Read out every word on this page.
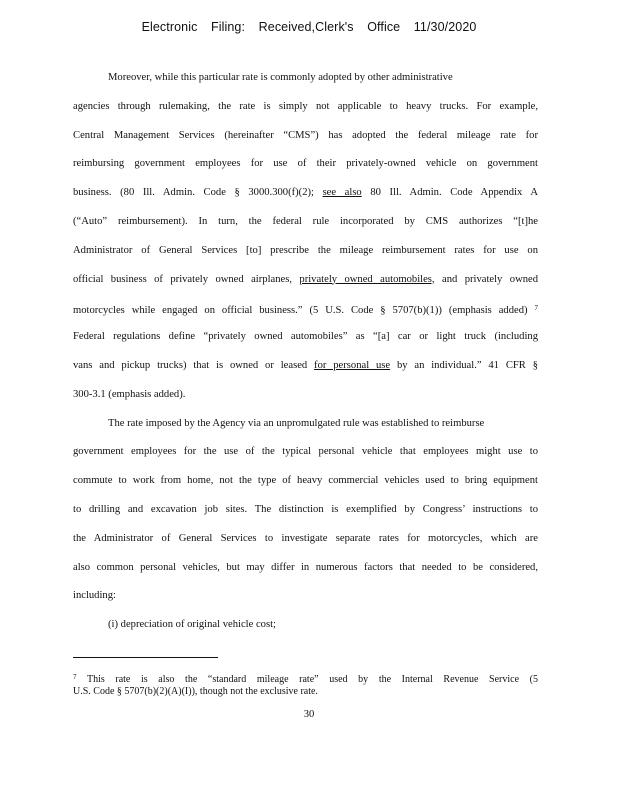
Electronic Filing: Received,Clerk's Office 11/30/2020
Moreover, while this particular rate is commonly adopted by other administrative
agencies through rulemaking, the rate is simply not applicable to heavy trucks. For example,
Central Management Services (hereinafter “CMS”) has adopted the federal mileage rate for
reimbursing government employees for use of their privately-owned vehicle on government
business. (80 Ill. Admin. Code § 3000.300(f)(2); see also 80 Ill. Admin. Code Appendix A
(“Auto” reimbursement). In turn, the federal rule incorporated by CMS authorizes “[t]he
Administrator of General Services [to] prescribe the mileage reimbursement rates for use on
official business of privately owned airplanes, privately owned automobiles, and privately owned
motorcycles while engaged on official business.” (5 U.S. Code § 5707(b)(1)) (emphasis added) $^7$
Federal regulations define “privately owned automobiles” as “[a] car or light truck (including
vans and pickup trucks) that is owned or leased for personal use by an individual.” 41 CFR §
300-3.1 (emphasis added).
The rate imposed by the Agency via an unpromulgated rule was established to reimburse
government employees for the use of the typical personal vehicle that employees might use to
commute to work from home, not the type of heavy commercial vehicles used to bring equipment
to drilling and excavation job sites. The distinction is exemplified by Congress’ instructions to
the Administrator of General Services to investigate separate rates for motorcycles, which are
also common personal vehicles, but may differ in numerous factors that needed to be considered,
including:
(i) depreciation of original vehicle cost;
$^7$ This rate is also the “standard mileage rate” used by the Internal Revenue Service (5
U.S. Code § 5707(b)(2)(A)(I)), though not the exclusive rate.
30
